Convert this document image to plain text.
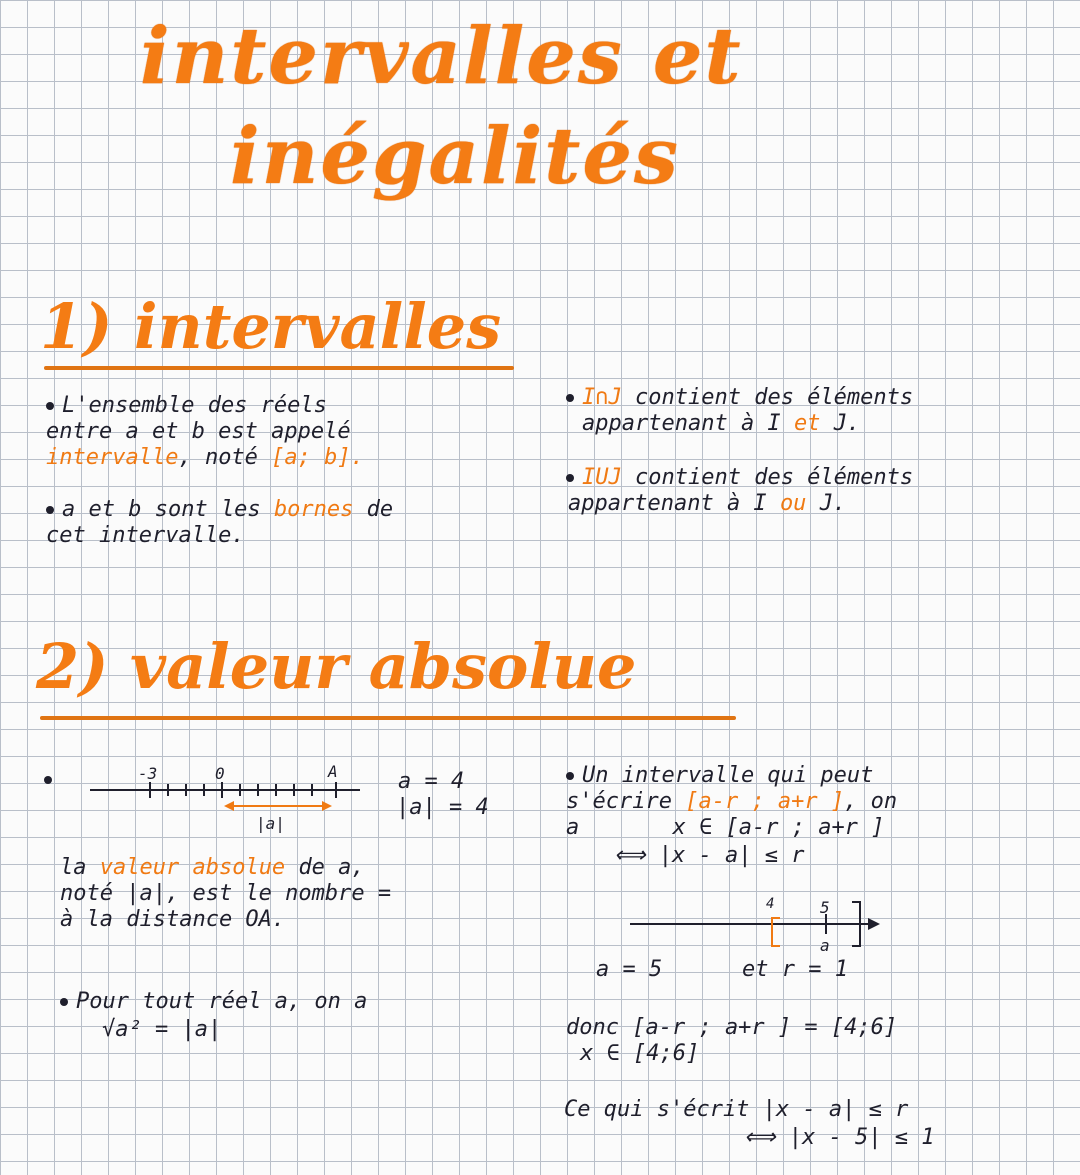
intervalles et
inégalités
1) intervalles
L'ensemble des réels
entre a et b est appelé
intervalle, noté [a; b].
a et b sont les bornes de
cet intervalle.
I∩J contient des éléments
appartenant à I et J.
IUJ contient des éléments
appartenant à I ou J.
2) valeur absolue
-3	0	A
|a|
a = 4
|a| = 4
la valeur absolue de a,
noté |a|, est le nombre =
à la distance OA.
Pour tout réel a, on a
√a² = |a|
Un intervalle qui peut
s'écrire [a-r ; a+r ], on
a	x ∈ [a-r ; a+r ]
⟺ |x - a| ≤ r
4	5
a
a = 5	et r = 1
donc [a-r ; a+r ] = [4;6]
x ∈ [4;6]
Ce qui s'écrit |x - a| ≤ r
⟺ |x - 5| ≤ 1
